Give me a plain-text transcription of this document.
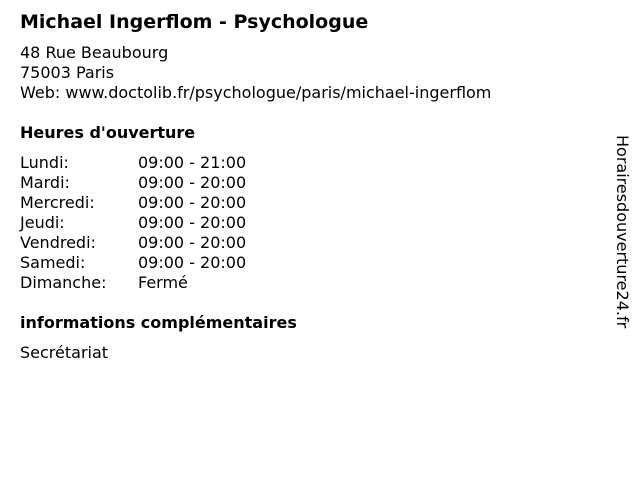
Michael Ingerflom - Psychologue
48 Rue Beaubourg
75003 Paris
Web: www.doctolib.fr/psychologue/paris/michael-ingerflom
Heures d'ouverture
Lundi:	09:00 - 21:00
Mardi:	09:00 - 20:00
Mercredi:	09:00 - 20:00
Jeudi:	09:00 - 20:00
Vendredi:	09:00 - 20:00
Samedi:	09:00 - 20:00
Dimanche:	Fermé
informations complémentaires
Secrétariat
Horairesdouverture24.fr
